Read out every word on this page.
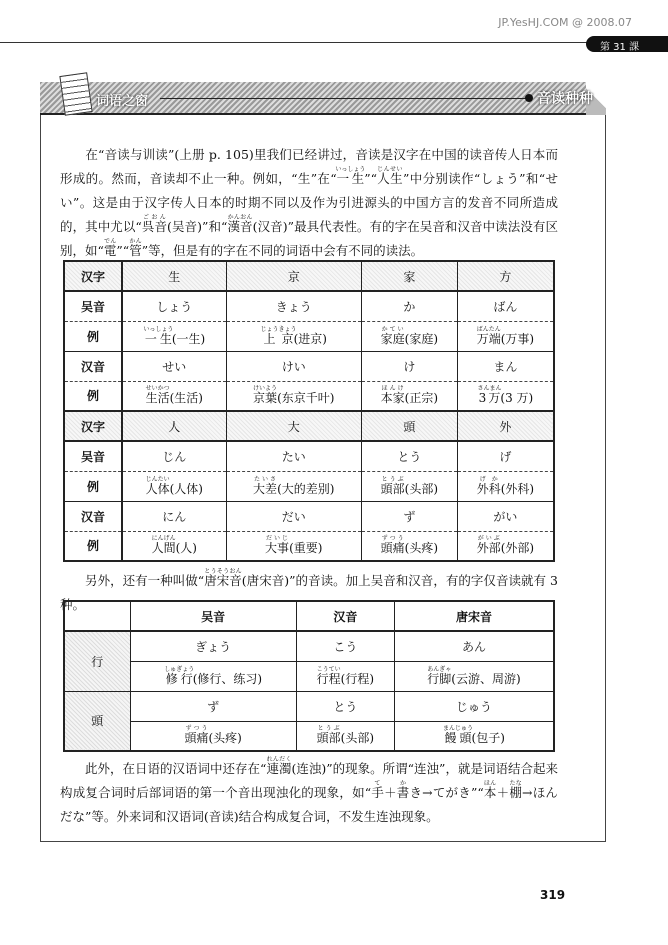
JP.YesHJ.COM @ 2008.07
第 31 課
词语之窗	音读种种

　　在“音读与训读”(上册 p. 105)里我们已经讲过，音读是汉字在中国的读音传人日本而形成的。然而，音读却不止一种。例如，“生”在“一生いっしょう”“人生じんせい”中分别读作“しょう”和“せい”。这是由于汉字传人日本的时期不同以及作为引进源头的中国方言的发音不同所造成的，其中尤以“呉音ごおん(吴音)”和“漢音かんおん(汉音)”最具代表性。有的字在吴音和汉音中读法没有区别，如“電でん”“管かん”等，但是有的字在不同的词语中会有不同的读法。

汉字	生	京	家	方
吴音	しょう	きょう	か	ばん
例	一生いっしょう(一生)	上京じょうきょう(进京)	家庭かてい(家庭)	万端ばんたん(万事)
汉音	せい	けい	け	まん
例	生活せいかつ(生活)	京葉けいよう(东京千叶)	本家ほんけ(正宗)	3万さんまん(3 万)
汉字	人	大	頭	外
吴音	じん	たい	とう	げ
例	人体じんたい(人体)	大差たいさ(大的差别)	頭部とうぶ(头部)	外科げか(外科)
汉音	にん	だい	ず	がい
例	人間にんげん(人)	大事だいじ(重要)	頭痛ずつう(头疼)	外部がいぶ(外部)

　　另外，还有一种叫做“唐宋音とうそうおん(唐宋音)”的音读。加上吴音和汉音，有的字仅音读就有 3 种。

	吴音	汉音	唐宋音
行	ぎょう	こう	あん
	修行しゅぎょう(修行、练习)	行程こうてい(行程)	行脚あんぎゃ(云游、周游)
頭	ず	とう	じゅう
	頭痛ずつう(头疼)	頭部とうぶ(头部)	饅頭まんじゅう(包子)

　　此外，在日语的汉语词中还存在“連濁れんだく(连浊)”的现象。所谓“连浊”，就是词语结合起来构成复合词时后部词语的第一个音出现浊化的现象，如“手て＋書かき→てがき”“本ほん＋棚たな→ほんだな”等。外来词和汉语词(音读)结合构成复合词，不发生连浊现象。

319
